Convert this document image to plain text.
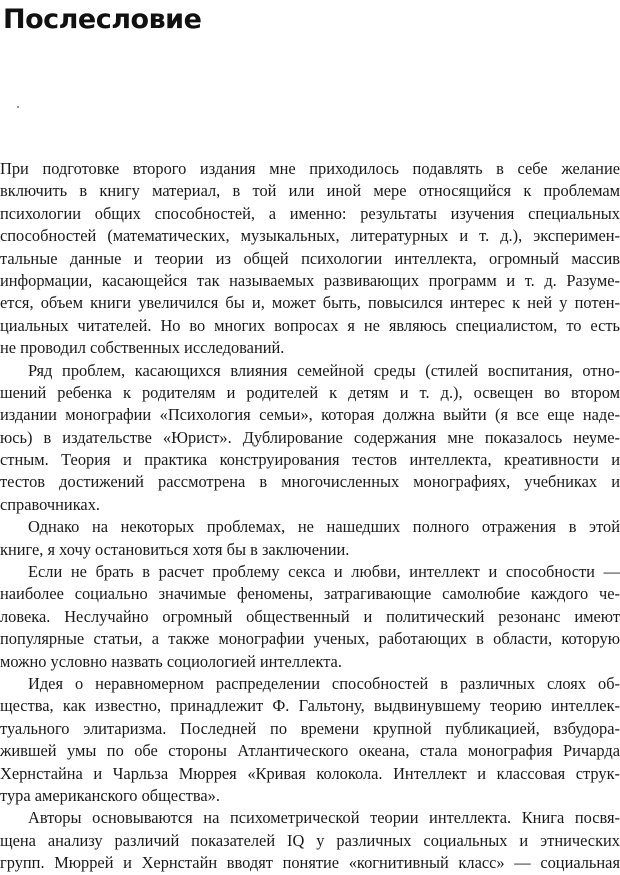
Послесловие
При подготовке второго издания мне приходилось подавлять в себе желание
включить в книгу материал, в той или иной мере относящийся к проблемам
психологии общих способностей, а именно: результаты изучения специальных
способностей (математических, музыкальных, литературных и т. д.), эксперимен-
тальные данные и теории из общей психологии интеллекта, огромный массив
информации, касающейся так называемых развивающих программ и т. д. Разуме-
ется, объем книги увеличился бы и, может быть, повысился интерес к ней у потен-
циальных читателей. Но во многих вопросах я не являюсь специалистом, то есть
не проводил собственных исследований.
Ряд проблем, касающихся влияния семейной среды (стилей воспитания, отно-
шений ребенка к родителям и родителей к детям и т. д.), освещен во втором
издании монографии «Психология семьи», которая должна выйти (я все еще наде-
юсь) в издательстве «Юрист». Дублирование содержания мне показалось неуме-
стным. Теория и практика конструирования тестов интеллекта, креативности и
тестов достижений рассмотрена в многочисленных монографиях, учебниках и
справочниках.
Однако на некоторых проблемах, не нашедших полного отражения в этой
книге, я хочу остановиться хотя бы в заключении.
Если не брать в расчет проблему секса и любви, интеллект и способности —
наиболее социально значимые феномены, затрагивающие самолюбие каждого че-
ловека. Неслучайно огромный общественный и политический резонанс имеют
популярные статьи, а также монографии ученых, работающих в области, которую
можно условно назвать социологией интеллекта.
Идея о неравномерном распределении способностей в различных слоях об-
щества, как известно, принадлежит Ф. Гальтону, выдвинувшему теорию интеллек-
туального элитаризма. Последней по времени крупной публикацией, взбудора-
жившей умы по обе стороны Атлантического океана, стала монография Ричарда
Хернстайна и Чарльза Мюррея «Кривая колокола. Интеллект и классовая струк-
тура американского общества».
Авторы основываются на психометрической теории интеллекта. Книга посвя-
щена анализу различий показателей IQ у различных социальных и этнических
групп. Мюррей и Хернстайн вводят понятие «когнитивный класс» — социальная
